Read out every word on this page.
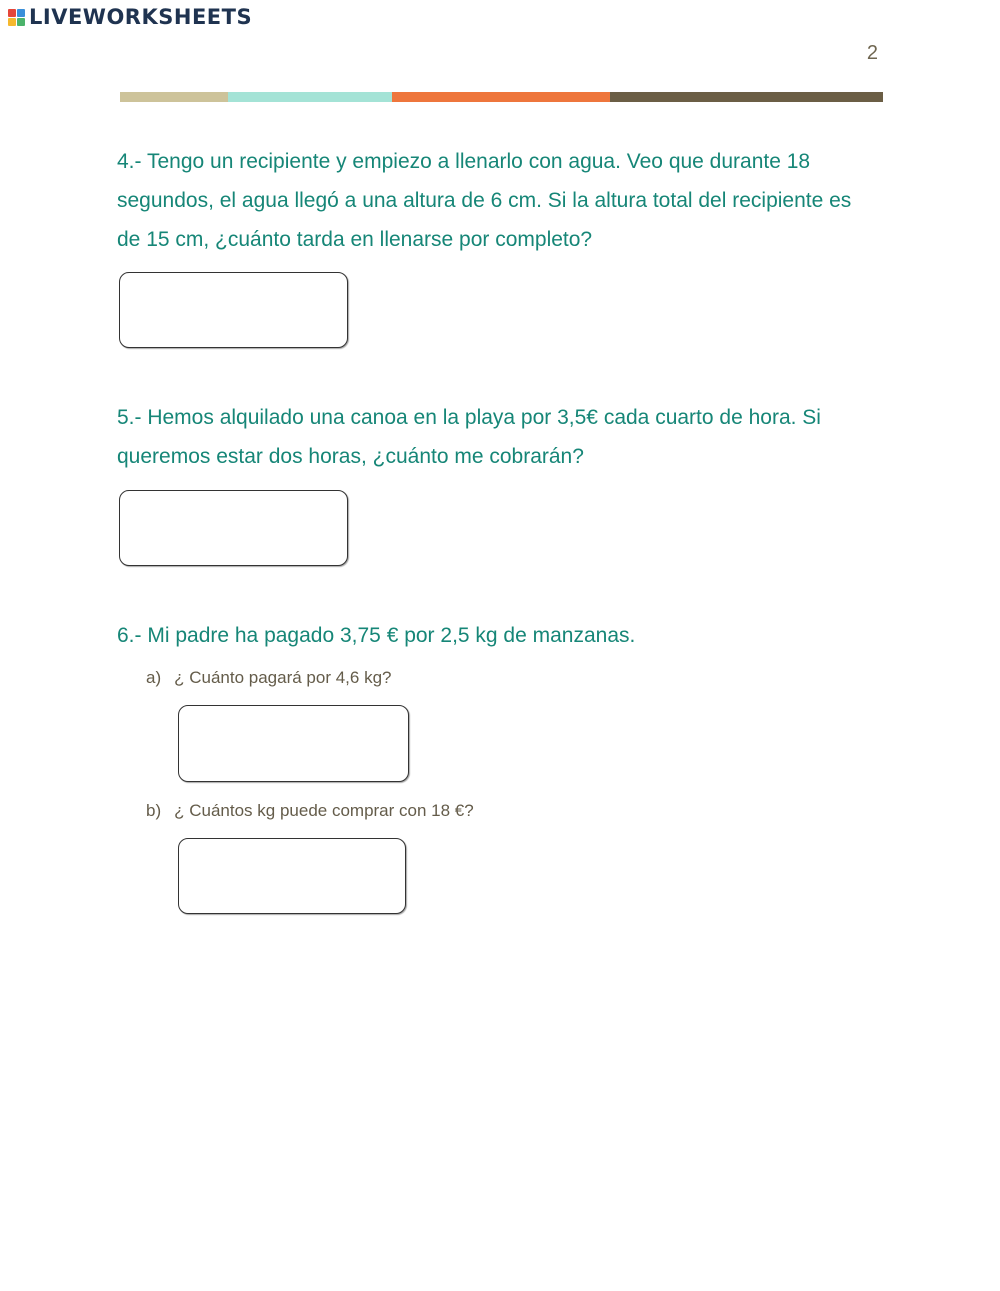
LIVEWORKSHEETS
2
4.- Tengo un recipiente y empiezo a llenarlo con agua. Veo que durante 18 segundos, el agua llegó a una altura de 6 cm. Si la altura total del recipiente es de 15 cm, ¿cuánto tarda en llenarse por completo?
5.- Hemos alquilado una canoa en la playa por 3,5€ cada cuarto de hora. Si queremos estar dos horas, ¿cuánto me cobrarán?
6.- Mi padre ha pagado 3,75 € por 2,5 kg de manzanas.
a) ¿ Cuánto pagará por 4,6 kg?
b) ¿ Cuántos kg puede comprar con 18 €?
